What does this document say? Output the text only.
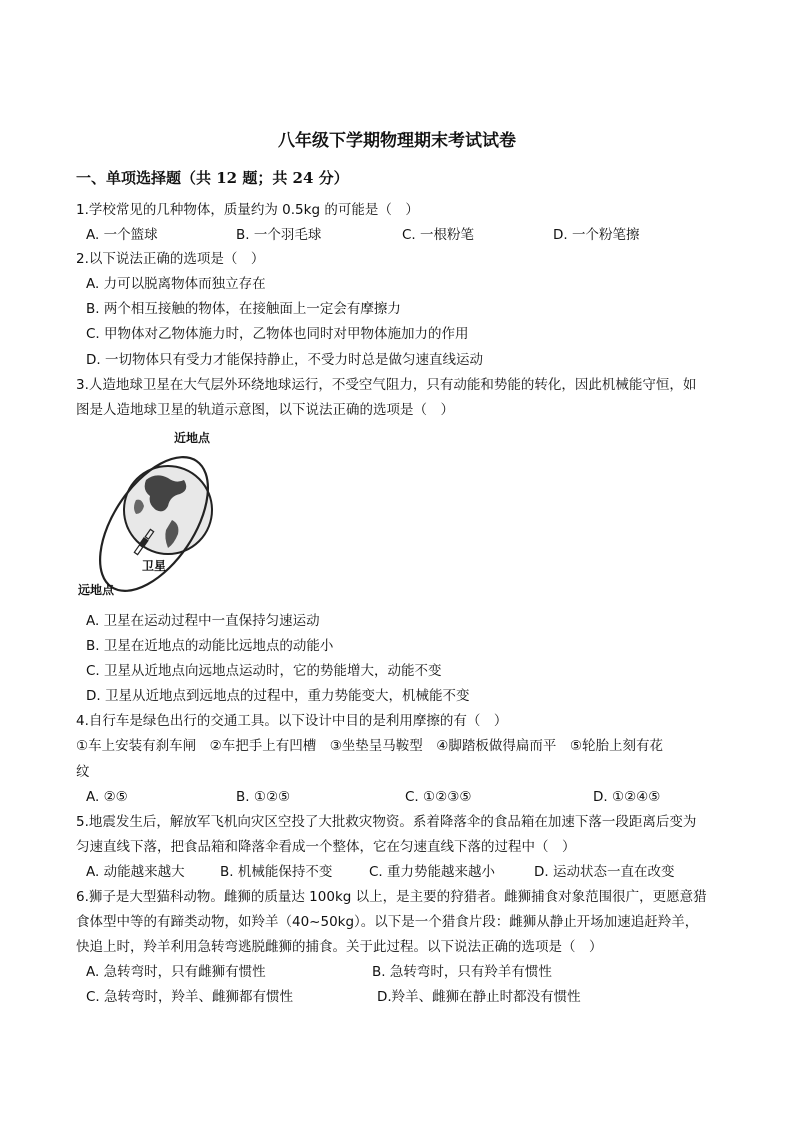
八年级下学期物理期末考试试卷
一、单项选择题（共 12 题；共 24 分）
1.学校常见的几种物体，质量约为 0.5kg 的可能是（　）
A. 一个篮球	B. 一个羽毛球	C. 一根粉笔	D. 一个粉笔擦
2.以下说法正确的选项是（　）
A. 力可以脱离物体而独立存在
B. 两个相互接触的物体，在接触面上一定会有摩擦力
C. 甲物体对乙物体施力时，乙物体也同时对甲物体施加力的作用
D. 一切物体只有受力才能保持静止，不受力时总是做匀速直线运动
3.人造地球卫星在大气层外环绕地球运行，不受空气阻力，只有动能和势能的转化，因此机械能守恒，如
图是人造地球卫星的轨道示意图，以下说法正确的选项是（　）
近地点
卫星
远地点
A. 卫星在运动过程中一直保持匀速运动
B. 卫星在近地点的动能比远地点的动能小
C. 卫星从近地点向远地点运动时，它的势能增大，动能不变
D. 卫星从近地点到远地点的过程中，重力势能变大，机械能不变
4.自行车是绿色出行的交通工具。以下设计中目的是利用摩擦的有（　）
①车上安装有刹车闸　②车把手上有凹槽　③坐垫呈马鞍型　④脚踏板做得扁而平　⑤轮胎上刻有花
纹
A. ②⑤	B. ①②⑤	C. ①②③⑤	D. ①②④⑤
5.地震发生后，解放军飞机向灾区空投了大批救灾物资。系着降落伞的食品箱在加速下落一段距离后变为
匀速直线下落，把食品箱和降落伞看成一个整体，它在匀速直线下落的过程中（　）
A. 动能越来越大	B. 机械能保持不变	C. 重力势能越来越小	D. 运动状态一直在改变
6.狮子是大型猫科动物。雌狮的质量达 100kg 以上，是主要的狩猎者。雌狮捕食对象范围很广，更愿意猎
食体型中等的有蹄类动物，如羚羊（40~50kg）。以下是一个猎食片段：雌狮从静止开场加速追赶羚羊，
快追上时，羚羊利用急转弯逃脱雌狮的捕食。关于此过程。以下说法正确的选项是（　）
A. 急转弯时，只有雌狮有惯性	B. 急转弯时，只有羚羊有惯性
C. 急转弯时，羚羊、雌狮都有惯性	D.羚羊、雌狮在静止时都没有惯性
